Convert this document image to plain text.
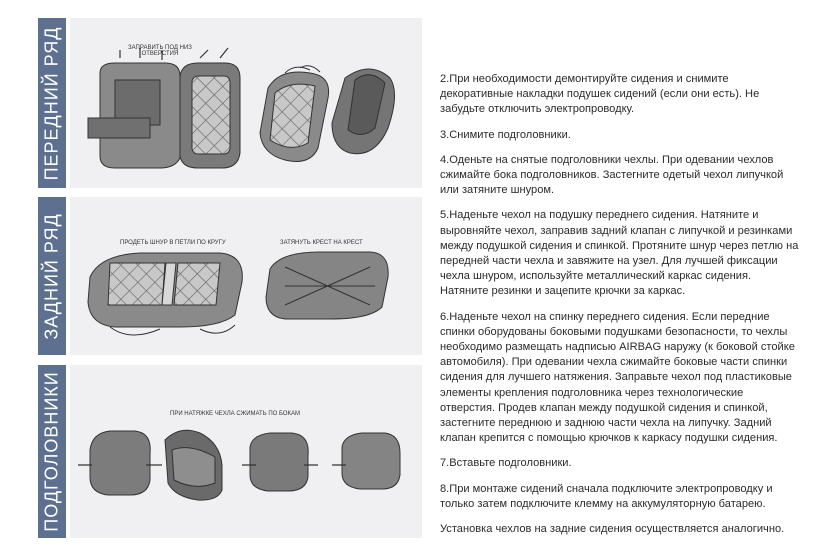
ПЕРЕДНИЙ РЯД	ЗАПРАВИТЬ ПОД НИЗ
ОТВЕРСТИЯ
ЗАДНИЙ РЯД	ПРОДЕТЬ ШНУР В ПЕТЛИ ПО КРУГУ	ЗАТЯНУТЬ КРЕСТ НА КРЕСТ
ПОДГОЛОВНИКИ	ПРИ НАТЯЖКЕ ЧЕХЛА СЖИМАТЬ ПО БОКАМ

2.При необходимости демонтируйте сидения и снимите декоративные накладки подушек сидений (если они есть). Не забудьте отключить электропроводку.

3.Снимите подголовники.

4.Оденьте на снятые подголовники чехлы. При одевании чехлов сжимайте бока подголовников. Застегните одетый чехол липучкой или затяните шнуром.

5.Наденьте чехол на подушку переднего сидения. Натяните и выровняйте чехол, заправив задний клапан с липучкой и резинками между подушкой сидения и спинкой. Протяните шнур через петлю на передней части чехла и завяжите на узел. Для лучшей фиксации чехла шнуром, используйте металлический каркас сидения. Натяните резинки и зацепите крючки за каркас.

6.Наденьте чехол на спинку переднего сидения. Если передние спинки оборудованы боковыми подушками безопасности, то чехлы необходимо размещать надписью AIRBAG наружу (к боковой стойке автомобиля). При одевании чехла сжимайте боковые части спинки сидения для лучшего натяжения. Заправьте чехол под пластиковые элементы крепления подголовника через технологические отверстия. Продев клапан между подушкой сидения и спинкой, застегните переднюю и заднюю части чехла на липучку. Задний клапан крепится с помощью крючков к каркасу подушки сидения.

7.Вставьте подголовники.

8.При монтаже сидений сначала подключите электропроводку и только затем подключите клемму на аккумуляторную батарею.

Установка чехлов на задние сидения осуществляется аналогично.
